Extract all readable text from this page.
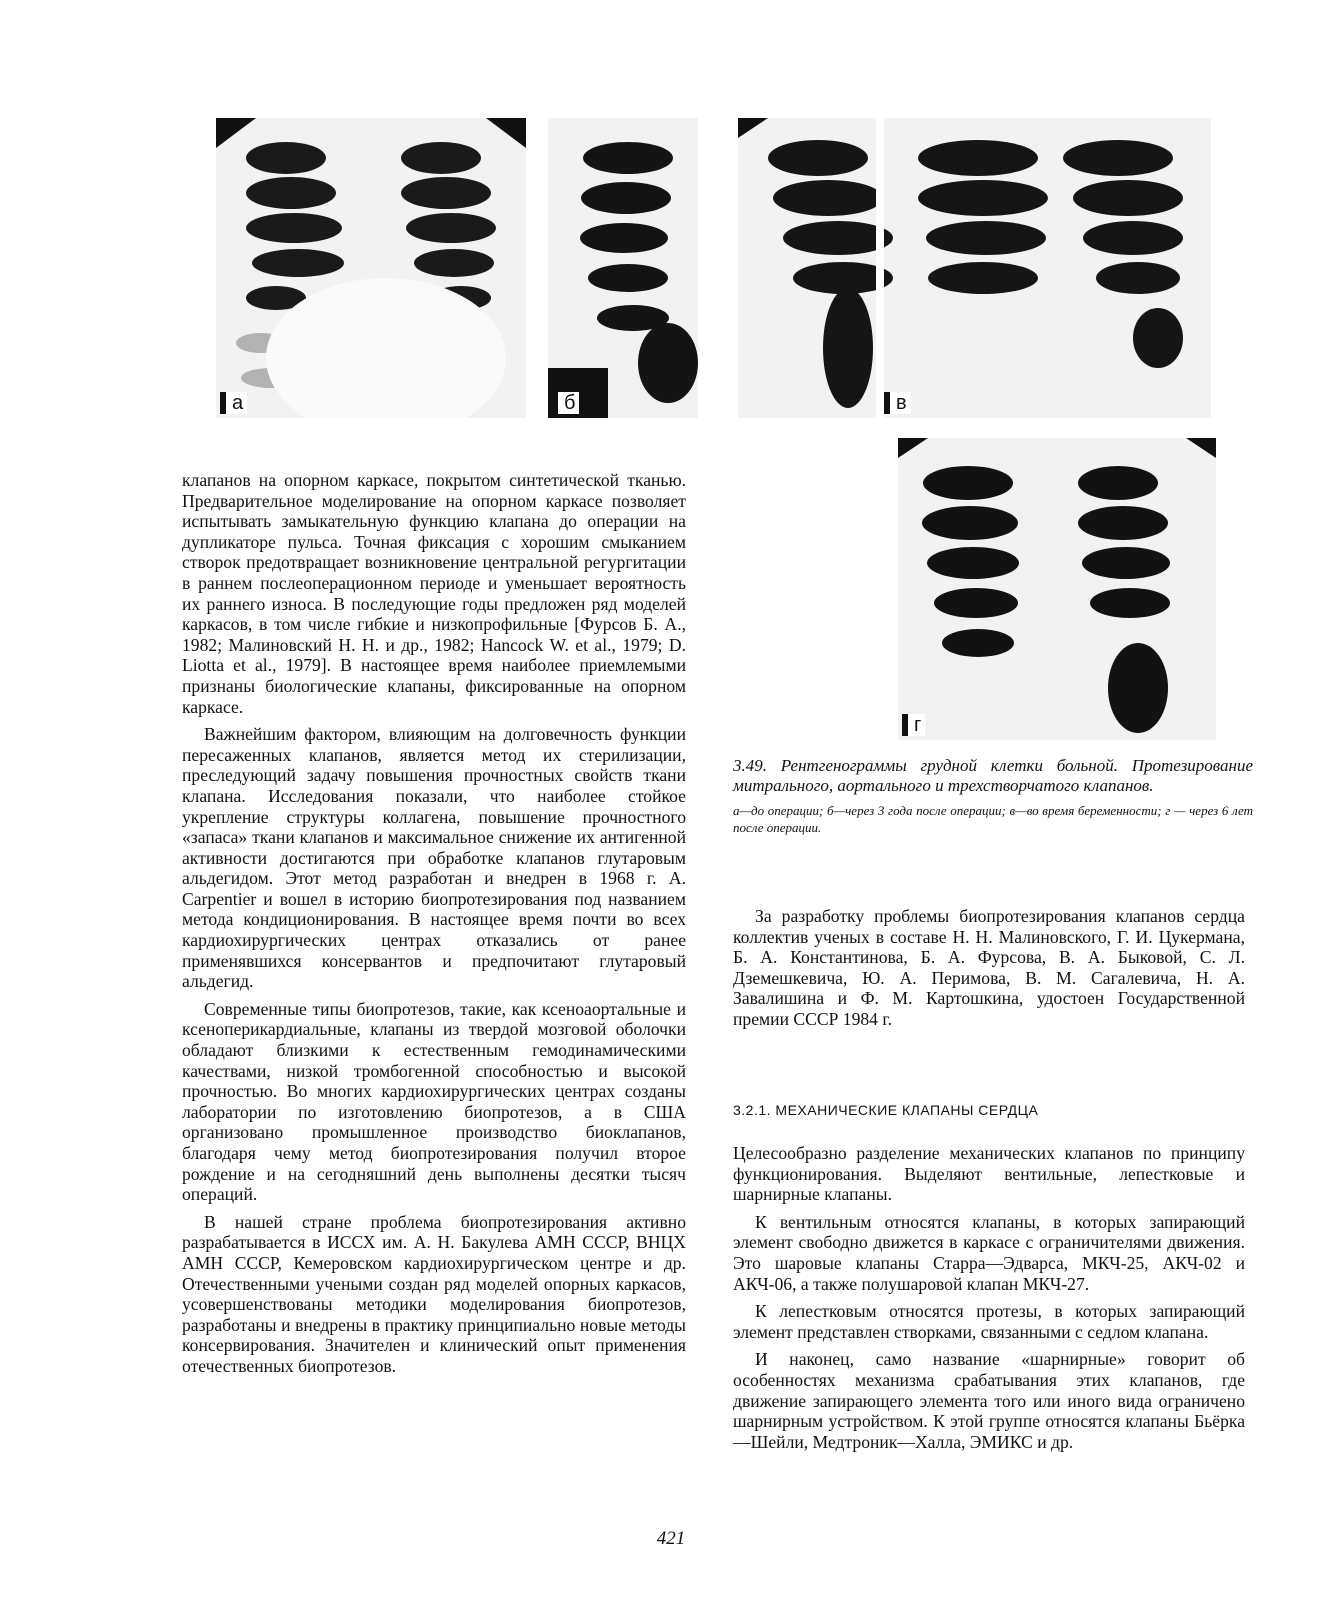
а	б	в
г

клапанов на опорном каркасе, покрытом синтетической тканью. Предварительное моделирование на опорном каркасе позволяет испытывать замыкательную функцию клапана до операции на дупликаторе пульса. Точная фиксация с хорошим смыканием створок предотвращает возникновение центральной регургитации в раннем послеоперационном периоде и уменьшает вероятность их раннего износа. В последующие годы предложен ряд моделей каркасов, в том числе гибкие и низкопрофильные [Фурсов Б. А., 1982; Малиновский Н. Н. и др., 1982; Hancock W. et al., 1979; D. Liotta et al., 1979]. В настоящее время наиболее приемлемыми признаны биологические клапаны, фиксированные на опорном каркасе.

Важнейшим фактором, влияющим на долговечность функции пересаженных клапанов, является метод их стерилизации, преследующий задачу повышения прочностных свойств ткани клапана. Исследования показали, что наиболее стойкое укрепление структуры коллагена, повышение прочностного «запаса» ткани клапанов и максимальное снижение их антигенной активности достигаются при обработке клапанов глутаровым альдегидом. Этот метод разработан и внедрен в 1968 г. A. Carpentier и вошел в историю биопротезирования под названием метода кондиционирования. В настоящее время почти во всех кардиохирургических центрах отказались от ранее применявшихся консервантов и предпочитают глутаровый альдегид.

Современные типы биопротезов, такие, как ксеноаортальные и ксеноперикардиальные, клапаны из твердой мозговой оболочки обладают близкими к естественным гемодинамическими качествами, низкой тромбогенной способностью и высокой прочностью. Во многих кардиохирургических центрах созданы лаборатории по изготовлению биопротезов, а в США организовано промышленное производство биоклапанов, благодаря чему метод биопротезирования получил второе рождение и на сегодняшний день выполнены десятки тысяч операций.

В нашей стране проблема биопротезирования активно разрабатывается в ИССХ им. А. Н. Бакулева АМН СССР, ВНЦХ АМН СССР, Кемеровском кардиохирургическом центре и др. Отечественными учеными создан ряд моделей опорных каркасов, усовершенствованы методики моделирования биопротезов, разработаны и внедрены в практику принципиально новые методы консервирования. Значителен и клинический опыт применения отечественных биопротезов.

3.49. Рентгенограммы грудной клетки больной. Протезирование митрального, аортального и трехстворчатого клапанов.
а—до операции; б—через 3 года после операции; в—во время беременности; г — через 6 лет после операции.

За разработку проблемы биопротезирования клапанов сердца коллектив ученых в составе Н. Н. Малиновского, Г. И. Цукермана, Б. А. Константинова, Б. А. Фурсова, В. А. Быковой, С. Л. Дземешкевича, Ю. А. Перимова, В. М. Сагалевича, Н. А. Завалишина и Ф. М. Картошкина, удостоен Государственной премии СССР 1984 г.

3.2.1. МЕХАНИЧЕСКИЕ КЛАПАНЫ СЕРДЦА

Целесообразно разделение механических клапанов по принципу функционирования. Выделяют вентильные, лепестковые и шарнирные клапаны.

К вентильным относятся клапаны, в которых запирающий элемент свободно движется в каркасе с ограничителями движения. Это шаровые клапаны Старра—Эдварса, МКЧ-25, АКЧ-02 и АКЧ-06, а также полушаровой клапан МКЧ-27.

К лепестковым относятся протезы, в которых запирающий элемент представлен створками, связанными с седлом клапана.

И наконец, само название «шарнирные» говорит об особенностях механизма срабатывания этих клапанов, где движение запирающего элемента того или иного вида ограничено шарнирным устройством. К этой группе относятся клапаны Бьёрка—Шейли, Медтроник—Халла, ЭМИКС и др.

421
